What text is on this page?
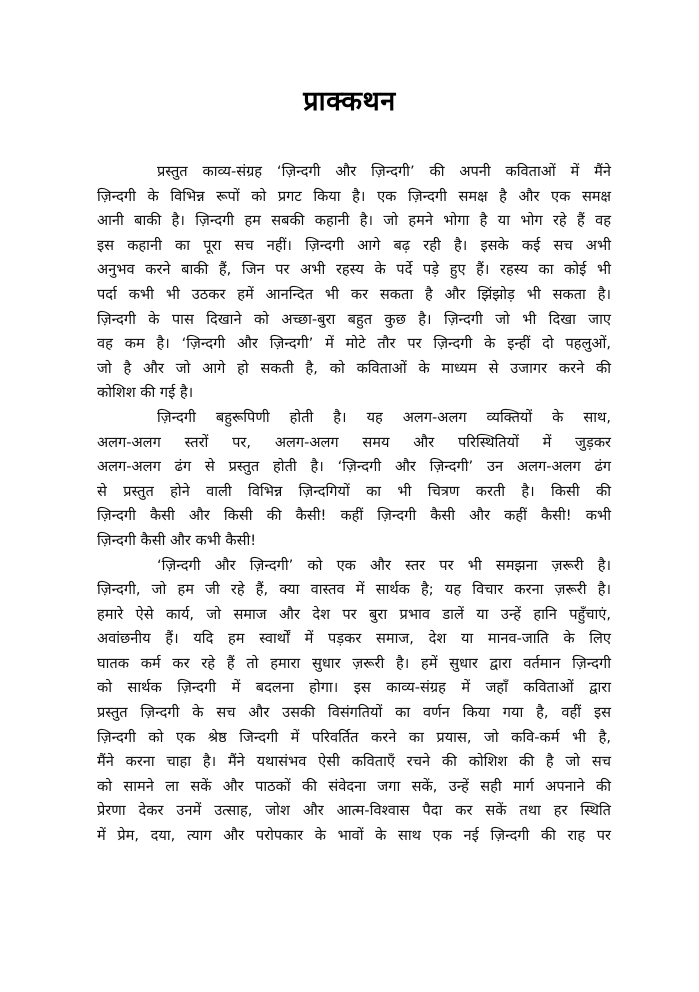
प्राक्कथन
प्रस्तुत काव्य-संग्रह ‘ज़िन्दगी और ज़िन्दगी’ की अपनी कविताओं में मैंने
ज़िन्दगी के विभिन्न रूपों को प्रगट किया है। एक ज़िन्दगी समक्ष है और एक समक्ष
आनी बाकी है। ज़िन्दगी हम सबकी कहानी है। जो हमने भोगा है या भोग रहे हैं वह
इस कहानी का पूरा सच नहीं। ज़िन्दगी आगे बढ़ रही है। इसके कई सच अभी
अनुभव करने बाकी हैं, जिन पर अभी रहस्य के पर्दे पड़े हुए हैं। रहस्य का कोई भी
पर्दा कभी भी उठकर हमें आनन्दित भी कर सकता है और झिंझोड़ भी सकता है।
ज़िन्दगी के पास दिखाने को अच्छा-बुरा बहुत कुछ है। ज़िन्दगी जो भी दिखा जाए
वह कम है। ‘ज़िन्दगी और ज़िन्दगी’ में मोटे तौर पर ज़िन्दगी के इन्हीं दो पहलुओं,
जो है और जो आगे हो सकती है, को कविताओं के माध्यम से उजागर करने की
कोशिश की गई है।
ज़िन्दगी बहुरूपिणी होती है। यह अलग-अलग व्यक्तियों के साथ,
अलग-अलग स्तरों पर, अलग-अलग समय और परिस्थितियों में जुड़कर
अलग-अलग ढंग से प्रस्तुत होती है। ‘ज़िन्दगी और ज़िन्दगी’ उन अलग-अलग ढंग
से प्रस्तुत होने वाली विभिन्न ज़िन्दगियों का भी चित्रण करती है। किसी की
ज़िन्दगी कैसी और किसी की कैसी! कहीं ज़िन्दगी कैसी और कहीं कैसी! कभी
ज़िन्दगी कैसी और कभी कैसी!
‘ज़िन्दगी और ज़िन्दगी’ को एक और स्तर पर भी समझना ज़रूरी है।
ज़िन्दगी, जो हम जी रहे हैं, क्या वास्तव में सार्थक है; यह विचार करना ज़रूरी है।
हमारे ऐसे कार्य, जो समाज और देश पर बुरा प्रभाव डालें या उन्हें हानि पहुँचाएं,
अवांछनीय हैं। यदि हम स्वार्थों में पड़कर समाज, देश या मानव-जाति के लिए
घातक कर्म कर रहे हैं तो हमारा सुधार ज़रूरी है। हमें सुधार द्वारा वर्तमान ज़िन्दगी
को सार्थक ज़िन्दगी में बदलना होगा। इस काव्य-संग्रह में जहाँ कविताओं द्वारा
प्रस्तुत ज़िन्दगी के सच और उसकी विसंगतियों का वर्णन किया गया है, वहीं इस
ज़िन्दगी को एक श्रेष्ठ जिन्दगी में परिवर्तित करने का प्रयास, जो कवि-कर्म भी है,
मैंने करना चाहा है। मैंने यथासंभव ऐसी कविताएँ रचने की कोशिश की है जो सच
को सामने ला सकें और पाठकों की संवेदना जगा सकें, उन्हें सही मार्ग अपनाने की
प्रेरणा देकर उनमें उत्साह, जोश और आत्म-विश्वास पैदा कर सकें तथा हर स्थिति
में प्रेम, दया, त्याग और परोपकार के भावों के साथ एक नई ज़िन्दगी की राह पर
